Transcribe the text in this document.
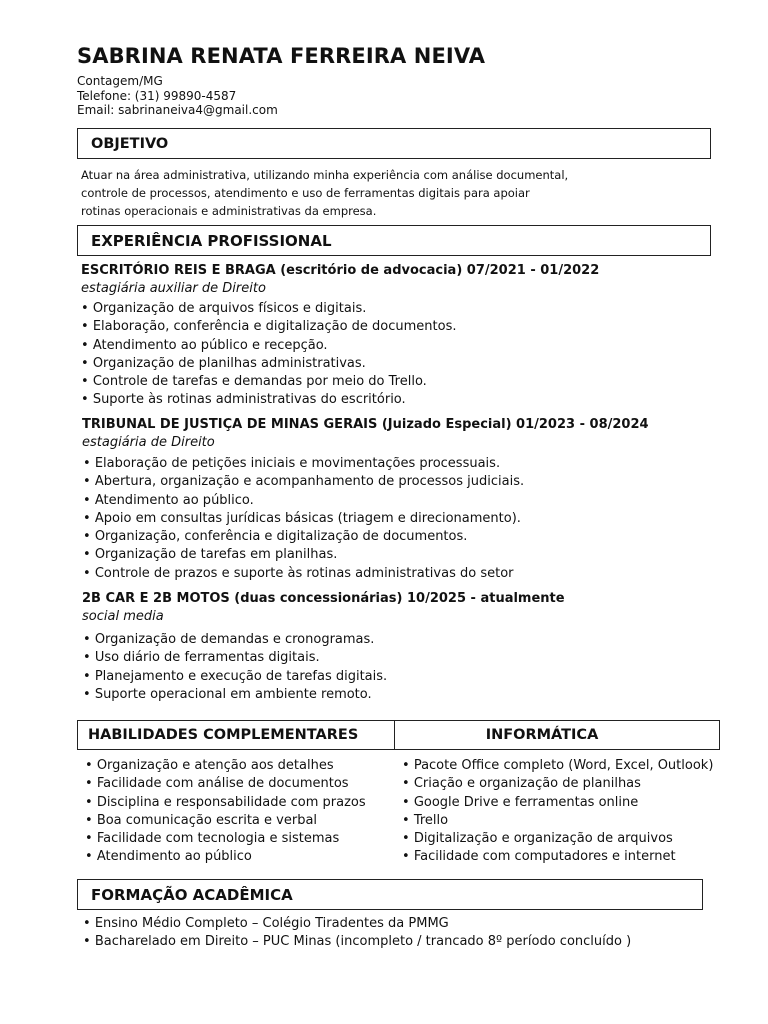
SABRINA RENATA FERREIRA NEIVA
Contagem/MG
Telefone: (31) 99890-4587
Email: sabrinaneiva4@gmail.com
OBJETIVO
Atuar na área administrativa, utilizando minha experiência com análise documental,
controle de processos, atendimento e uso de ferramentas digitais para apoiar
rotinas operacionais e administrativas da empresa.
EXPERIÊNCIA PROFISSIONAL
ESCRITÓRIO REIS E BRAGA (escritório de advocacia) 07/2021 - 01/2022
estagiária auxiliar de Direito
• Organização de arquivos físicos e digitais.
• Elaboração, conferência e digitalização de documentos.
• Atendimento ao público e recepção.
• Organização de planilhas administrativas.
• Controle de tarefas e demandas por meio do Trello.
• Suporte às rotinas administrativas do escritório.
TRIBUNAL DE JUSTIÇA DE MINAS GERAIS (Juizado Especial) 01/2023 - 08/2024
estagiária de Direito
• Elaboração de petições iniciais e movimentações processuais.
• Abertura, organização e acompanhamento de processos judiciais.
• Atendimento ao público.
• Apoio em consultas jurídicas básicas (triagem e direcionamento).
• Organização, conferência e digitalização de documentos.
• Organização de tarefas em planilhas.
• Controle de prazos e suporte às rotinas administrativas do setor
2B CAR E 2B MOTOS (duas concessionárias) 10/2025 - atualmente
social media
• Organização de demandas e cronogramas.
• Uso diário de ferramentas digitais.
• Planejamento e execução de tarefas digitais.
• Suporte operacional em ambiente remoto.
HABILIDADES COMPLEMENTARES	INFORMÁTICA
• Organização e atenção aos detalhes
• Facilidade com análise de documentos
• Disciplina e responsabilidade com prazos
• Boa comunicação escrita e verbal
• Facilidade com tecnologia e sistemas
• Atendimento ao público
• Pacote Office completo (Word, Excel, Outlook)
• Criação e organização de planilhas
• Google Drive e ferramentas online
• Trello
• Digitalização e organização de arquivos
• Facilidade com computadores e internet
FORMAÇÃO ACADÊMICA
• Ensino Médio Completo – Colégio Tiradentes da PMMG
• Bacharelado em Direito – PUC Minas (incompleto / trancado 8º período concluído )
